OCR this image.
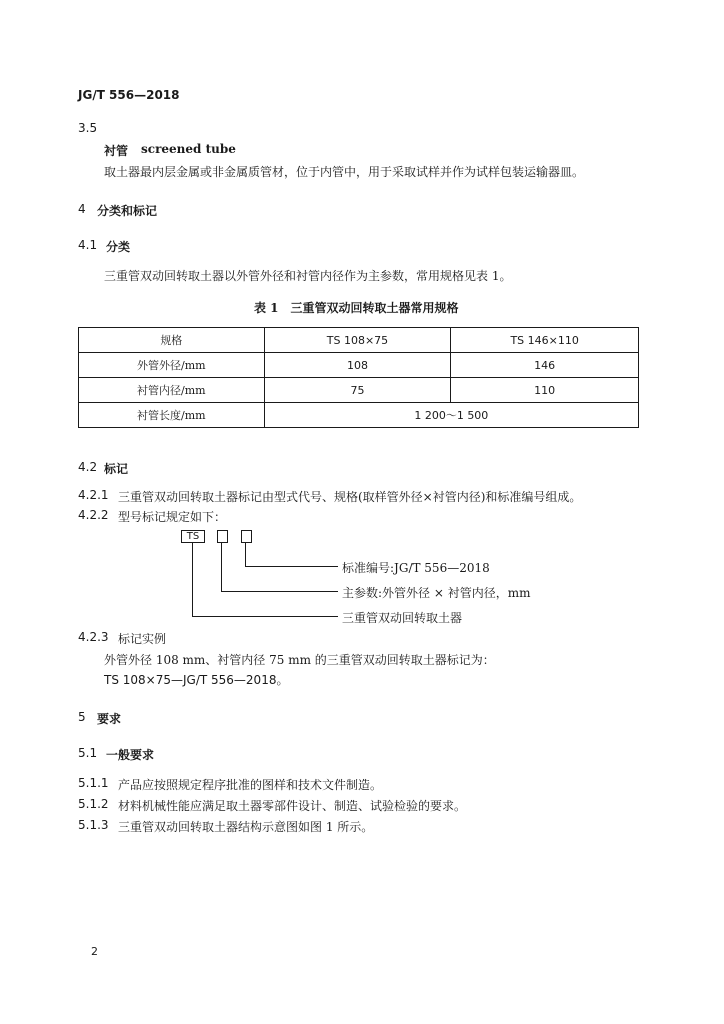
JG/T 556—2018
3.5
衬管 screened tube
取土器最内层金属或非金属质管材，位于内管中，用于采取试样并作为试样包装运输器皿。
4 分类和标记
4.1 分类
三重管双动回转取土器以外管外径和衬管内径作为主参数，常用规格见表 1。
表 1　三重管双动回转取土器常用规格
规格	TS 108×75	TS 146×110
外管外径/mm	108	146
衬管内径/mm	75	110
衬管长度/mm	1 200～1 500	
4.2 标记
4.2.1 三重管双动回转取土器标记由型式代号、规格(取样管外径×衬管内径)和标准编号组成。
4.2.2 型号标记规定如下：
TS
标准编号:JG/T 556—2018
主参数:外管外径 × 衬管内径，mm
三重管双动回转取土器
4.2.3 标记实例
外管外径 108 mm、衬管内径 75 mm 的三重管双动回转取土器标记为：
TS 108×75—JG/T 556—2018。
5 要求
5.1 一般要求
5.1.1 产品应按照规定程序批准的图样和技术文件制造。
5.1.2 材料机械性能应满足取土器零部件设计、制造、试验检验的要求。
5.1.3 三重管双动回转取土器结构示意图如图 1 所示。
2
